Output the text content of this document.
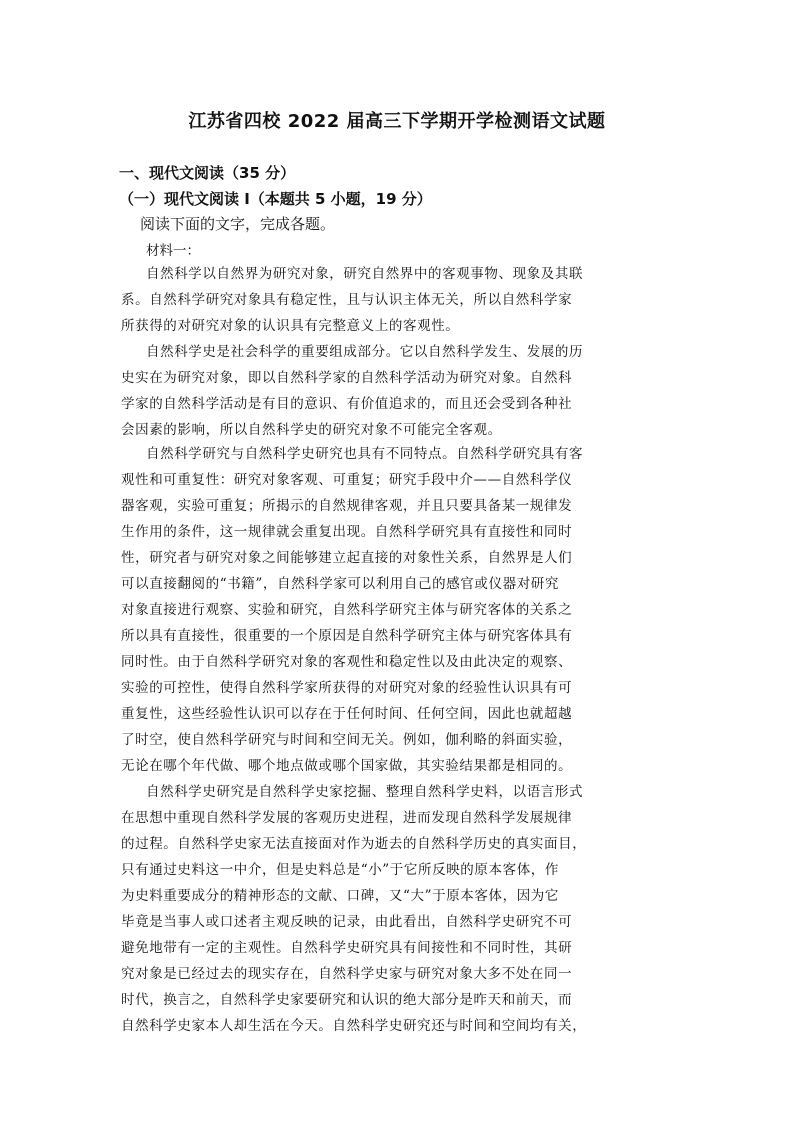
江苏省四校 2022 届高三下学期开学检测语文试题
一、现代文阅读（35 分）
（一）现代文阅读 I（本题共 5 小题，19 分）
阅读下面的文字，完成各题。
材料一：
自然科学以自然界为研究对象，研究自然界中的客观事物、现象及其联
系。自然科学研究对象具有稳定性，且与认识主体无关，所以自然科学家
所获得的对研究对象的认识具有完整意义上的客观性。
自然科学史是社会科学的重要组成部分。它以自然科学发生、发展的历
史实在为研究对象，即以自然科学家的自然科学活动为研究对象。自然科
学家的自然科学活动是有目的意识、有价值追求的，而且还会受到各种社
会因素的影响，所以自然科学史的研究对象不可能完全客观。
自然科学研究与自然科学史研究也具有不同特点。自然科学研究具有客
观性和可重复性：研究对象客观、可重复；研究手段中介——自然科学仪
器客观，实验可重复；所揭示的自然规律客观，并且只要具备某一规律发
生作用的条件，这一规律就会重复出现。自然科学研究具有直接性和同时
性，研究者与研究对象之间能够建立起直接的对象性关系，自然界是人们
可以直接翻阅的“书籍”，自然科学家可以利用自己的感官或仪器对研究
对象直接进行观察、实验和研究，自然科学研究主体与研究客体的关系之
所以具有直接性，很重要的一个原因是自然科学研究主体与研究客体具有
同时性。由于自然科学研究对象的客观性和稳定性以及由此决定的观察、
实验的可控性，使得自然科学家所获得的对研究对象的经验性认识具有可
重复性，这些经验性认识可以存在于任何时间、任何空间，因此也就超越
了时空，使自然科学研究与时间和空间无关。例如，伽利略的斜面实验，
无论在哪个年代做、哪个地点做或哪个国家做，其实验结果都是相同的。
自然科学史研究是自然科学史家挖掘、整理自然科学史料，以语言形式
在思想中重现自然科学发展的客观历史进程，进而发现自然科学发展规律
的过程。自然科学史家无法直接面对作为逝去的自然科学历史的真实面目，
只有通过史料这一中介，但是史料总是“小”于它所反映的原本客体，作
为史料重要成分的精神形态的文献、口碑，又“大”于原本客体，因为它
毕竟是当事人或口述者主观反映的记录，由此看出，自然科学史研究不可
避免地带有一定的主观性。自然科学史研究具有间接性和不同时性，其研
究对象是已经过去的现实存在，自然科学史家与研究对象大多不处在同一
时代，换言之，自然科学史家要研究和认识的绝大部分是昨天和前天，而
自然科学史家本人却生活在今天。自然科学史研究还与时间和空间均有关，
